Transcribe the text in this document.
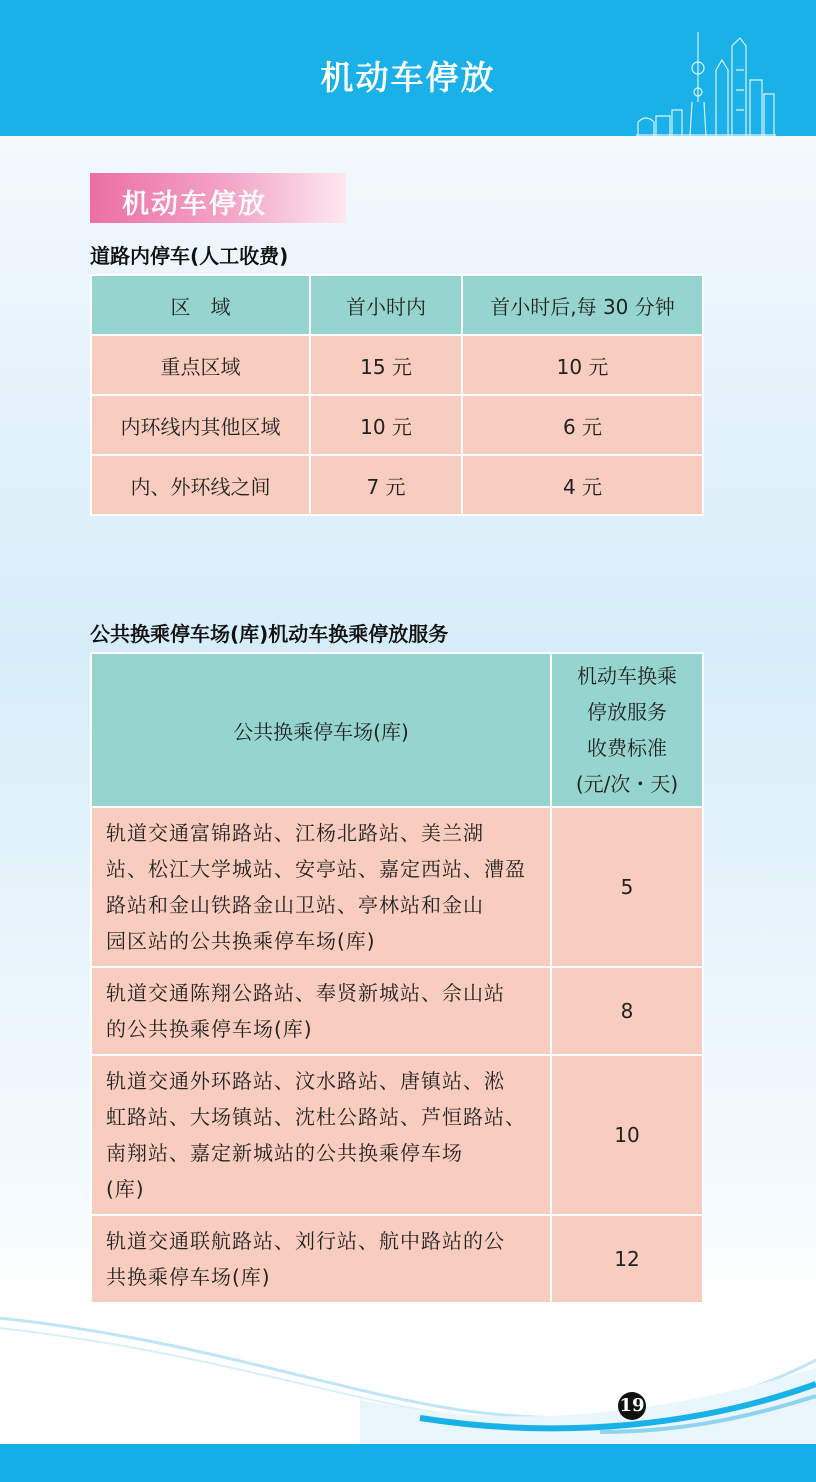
机动车停放
机动车停放
道路内停车(人工收费)
区　域	首小时内	首小时后,每 30 分钟
重点区域	15 元	10 元
内环线内其他区域	10 元	6 元
内、外环线之间	7 元	4 元
公共换乘停车场(库)机动车换乘停放服务
公共换乘停车场(库)	机动车换乘
停放服务
收费标准
(元/次・天)

轨道交通富锦路站、江杨北路站、美兰湖
站、松江大学城站、安亭站、嘉定西站、漕盈
路站和金山铁路金山卫站、亭林站和金山
园区站的公共换乘停车场(库)	5

轨道交通陈翔公路站、奉贤新城站、佘山站
的公共换乘停车场(库)	8

轨道交通外环路站、汶水路站、唐镇站、淞
虹路站、大场镇站、沈杜公路站、芦恒路站、
南翔站、嘉定新城站的公共换乘停车场
(库)	10

轨道交通联航路站、刘行站、航中路站的公
共换乘停车场(库)	12
19
